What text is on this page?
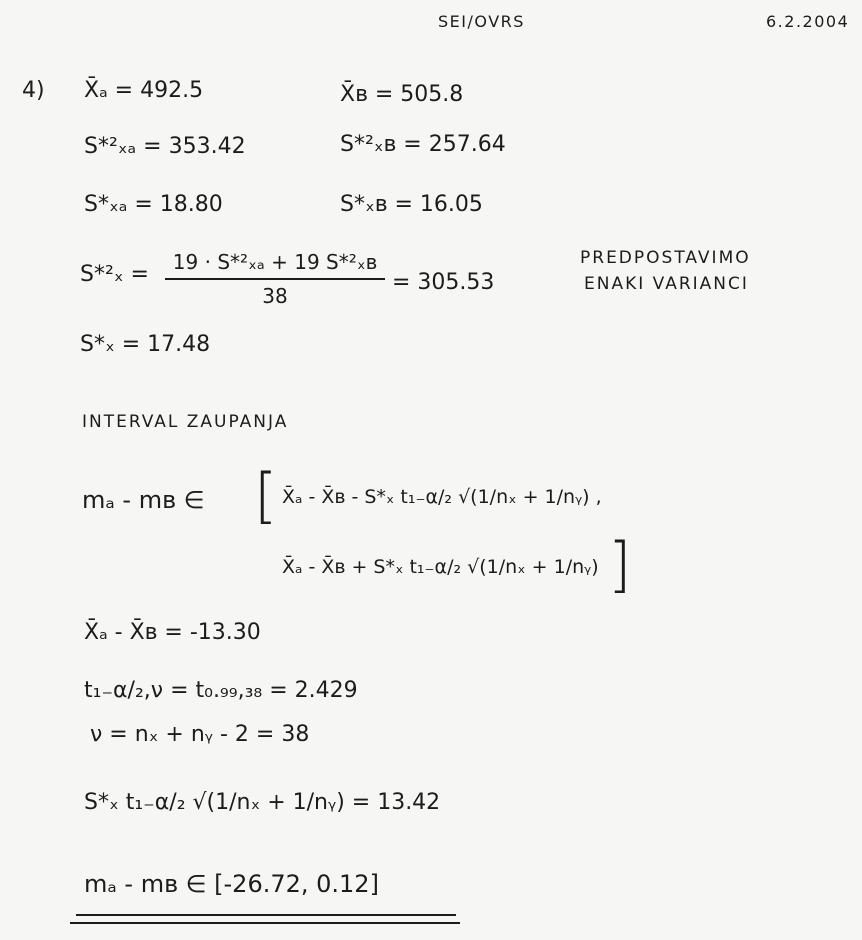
SEI/OVRS	6.2.2004
4) X̄ₐ = 492.5	X̄ʙ = 505.8
S*²ₓₐ = 353.42	S*²ₓʙ = 257.64
S*ₓₐ = 18.80	S*ₓʙ = 16.05
S*²ₓ =	19 · S*²ₓₐ + 19 S*²ₓʙ
38
= 305.53
PREDPOSTAVIMO
ENAKI VARIANCI
S*ₓ = 17.48
INTERVAL ZAUPANJA
mₐ - mʙ ∈ [ X̄ₐ - X̄ʙ - S*ₓ t₁₋α/₂ √(1/nₓ + 1/nᵧ) ,
X̄ₐ - X̄ʙ + S*ₓ t₁₋α/₂ √(1/nₓ + 1/nᵧ) ]
X̄ₐ - X̄ʙ = -13.30
t₁₋α/₂,ν = t₀.₉₉,₃₈ = 2.429
ν = nₓ + nᵧ - 2 = 38
S*ₓ t₁₋α/₂ √(1/nₓ + 1/nᵧ) = 13.42
mₐ - mʙ ∈ [-26.72, 0.12]
